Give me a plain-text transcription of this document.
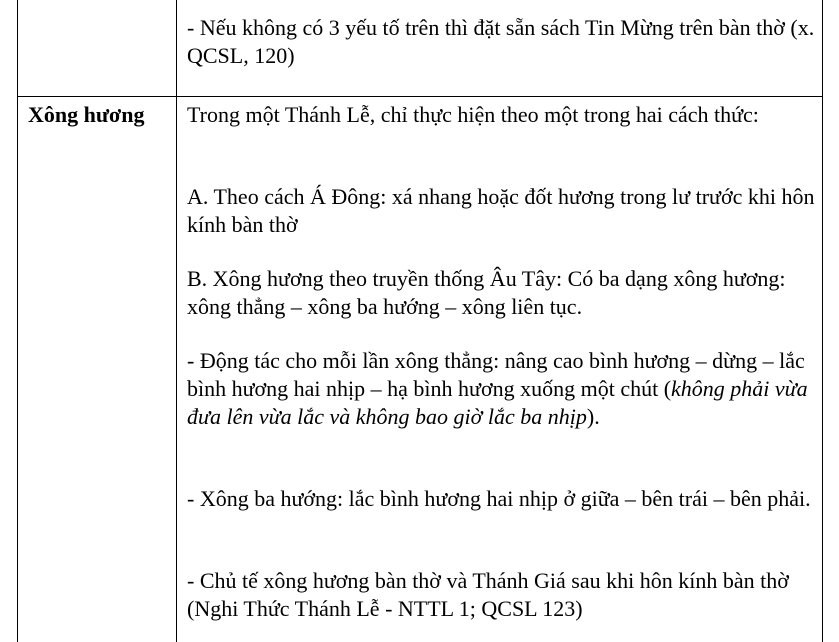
- Nếu không có 3 yếu tố trên thì đặt sẵn sách Tin Mừng trên bàn thờ (x. QCSL, 120)

Xông hương Trong một Thánh Lễ, chỉ thực hiện theo một trong hai cách thức:

A. Theo cách Á Đông: xá nhang hoặc đốt hương trong lư trước khi hôn kính bàn thờ

B. Xông hương theo truyền thống Âu Tây: Có ba dạng xông hương: xông thẳng – xông ba hướng – xông liên tục.

- Động tác cho mỗi lần xông thẳng: nâng cao bình hương – dừng – lắc bình hương hai nhịp – hạ bình hương xuống một chút (không phải vừa đưa lên vừa lắc và không bao giờ lắc ba nhịp).

- Xông ba hướng: lắc bình hương hai nhịp ở giữa – bên trái – bên phải.

- Chủ tế xông hương bàn thờ và Thánh Giá sau khi hôn kính bàn thờ (Nghi Thức Thánh Lễ - NTTL 1; QCSL 123)
